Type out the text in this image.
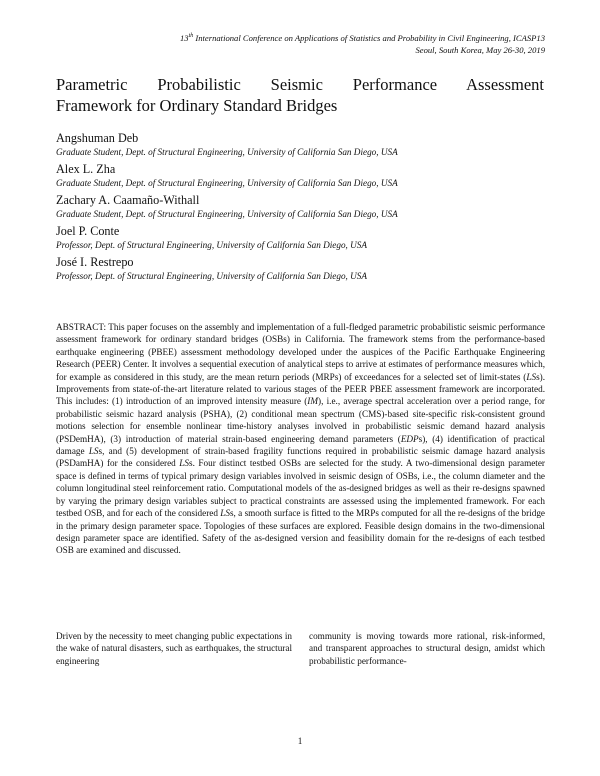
13th International Conference on Applications of Statistics and Probability in Civil Engineering, ICASP13
Seoul, South Korea, May 26-30, 2019
Parametric Probabilistic Seismic Performance Assessment
Framework for Ordinary Standard Bridges
Angshuman Deb
Graduate Student, Dept. of Structural Engineering, University of California San Diego, USA
Alex L. Zha
Graduate Student, Dept. of Structural Engineering, University of California San Diego, USA
Zachary A. Caamaño-Withall
Graduate Student, Dept. of Structural Engineering, University of California San Diego, USA
Joel P. Conte
Professor, Dept. of Structural Engineering, University of California San Diego, USA
José I. Restrepo
Professor, Dept. of Structural Engineering, University of California San Diego, USA

ABSTRACT: This paper focuses on the assembly and implementation of a full-fledged parametric probabilistic seismic performance assessment framework for ordinary standard bridges (OSBs) in California. The framework stems from the performance-based earthquake engineering (PBEE) assessment methodology developed under the auspices of the Pacific Earthquake Engineering Research (PEER) Center. It involves a sequential execution of analytical steps to arrive at estimates of performance measures which, for example as considered in this study, are the mean return periods (MRPs) of exceedances for a selected set of limit-states (LSs). Improvements from state-of-the-art literature related to various stages of the PEER PBEE assessment framework are incorporated. This includes: (1) introduction of an improved intensity measure (IM), i.e., average spectral acceleration over a period range, for probabilistic seismic hazard analysis (PSHA), (2) conditional mean spectrum (CMS)-based site-specific risk-consistent ground motions selection for ensemble nonlinear time-history analyses involved in probabilistic seismic demand hazard analysis (PSDemHA), (3) introduction of material strain-based engineering demand parameters (EDPs), (4) identification of practical damage LSs, and (5) development of strain-based fragility functions required in probabilistic seismic damage hazard analysis (PSDamHA) for the considered LSs. Four distinct testbed OSBs are selected for the study. A two-dimensional design parameter space is defined in terms of typical primary design variables involved in seismic design of OSBs, i.e., the column diameter and the column longitudinal steel reinforcement ratio. Computational models of the as-designed bridges as well as their re-designs spawned by varying the primary design variables subject to practical constraints are assessed using the implemented framework. For each testbed OSB, and for each of the considered LSs, a smooth surface is fitted to the MRPs computed for all the re-designs of the bridge in the primary design parameter space. Topologies of these surfaces are explored. Feasible design domains in the two-dimensional design parameter space are identified. Safety of the as-designed version and feasibility domain for the re-designs of each testbed OSB are examined and discussed.

Driven by the necessity to meet changing public expectations in the wake of natural disasters, such as earthquakes, the structural engineering

community is moving towards more rational, risk-informed, and transparent approaches to structural design, amidst which probabilistic performance-

1
